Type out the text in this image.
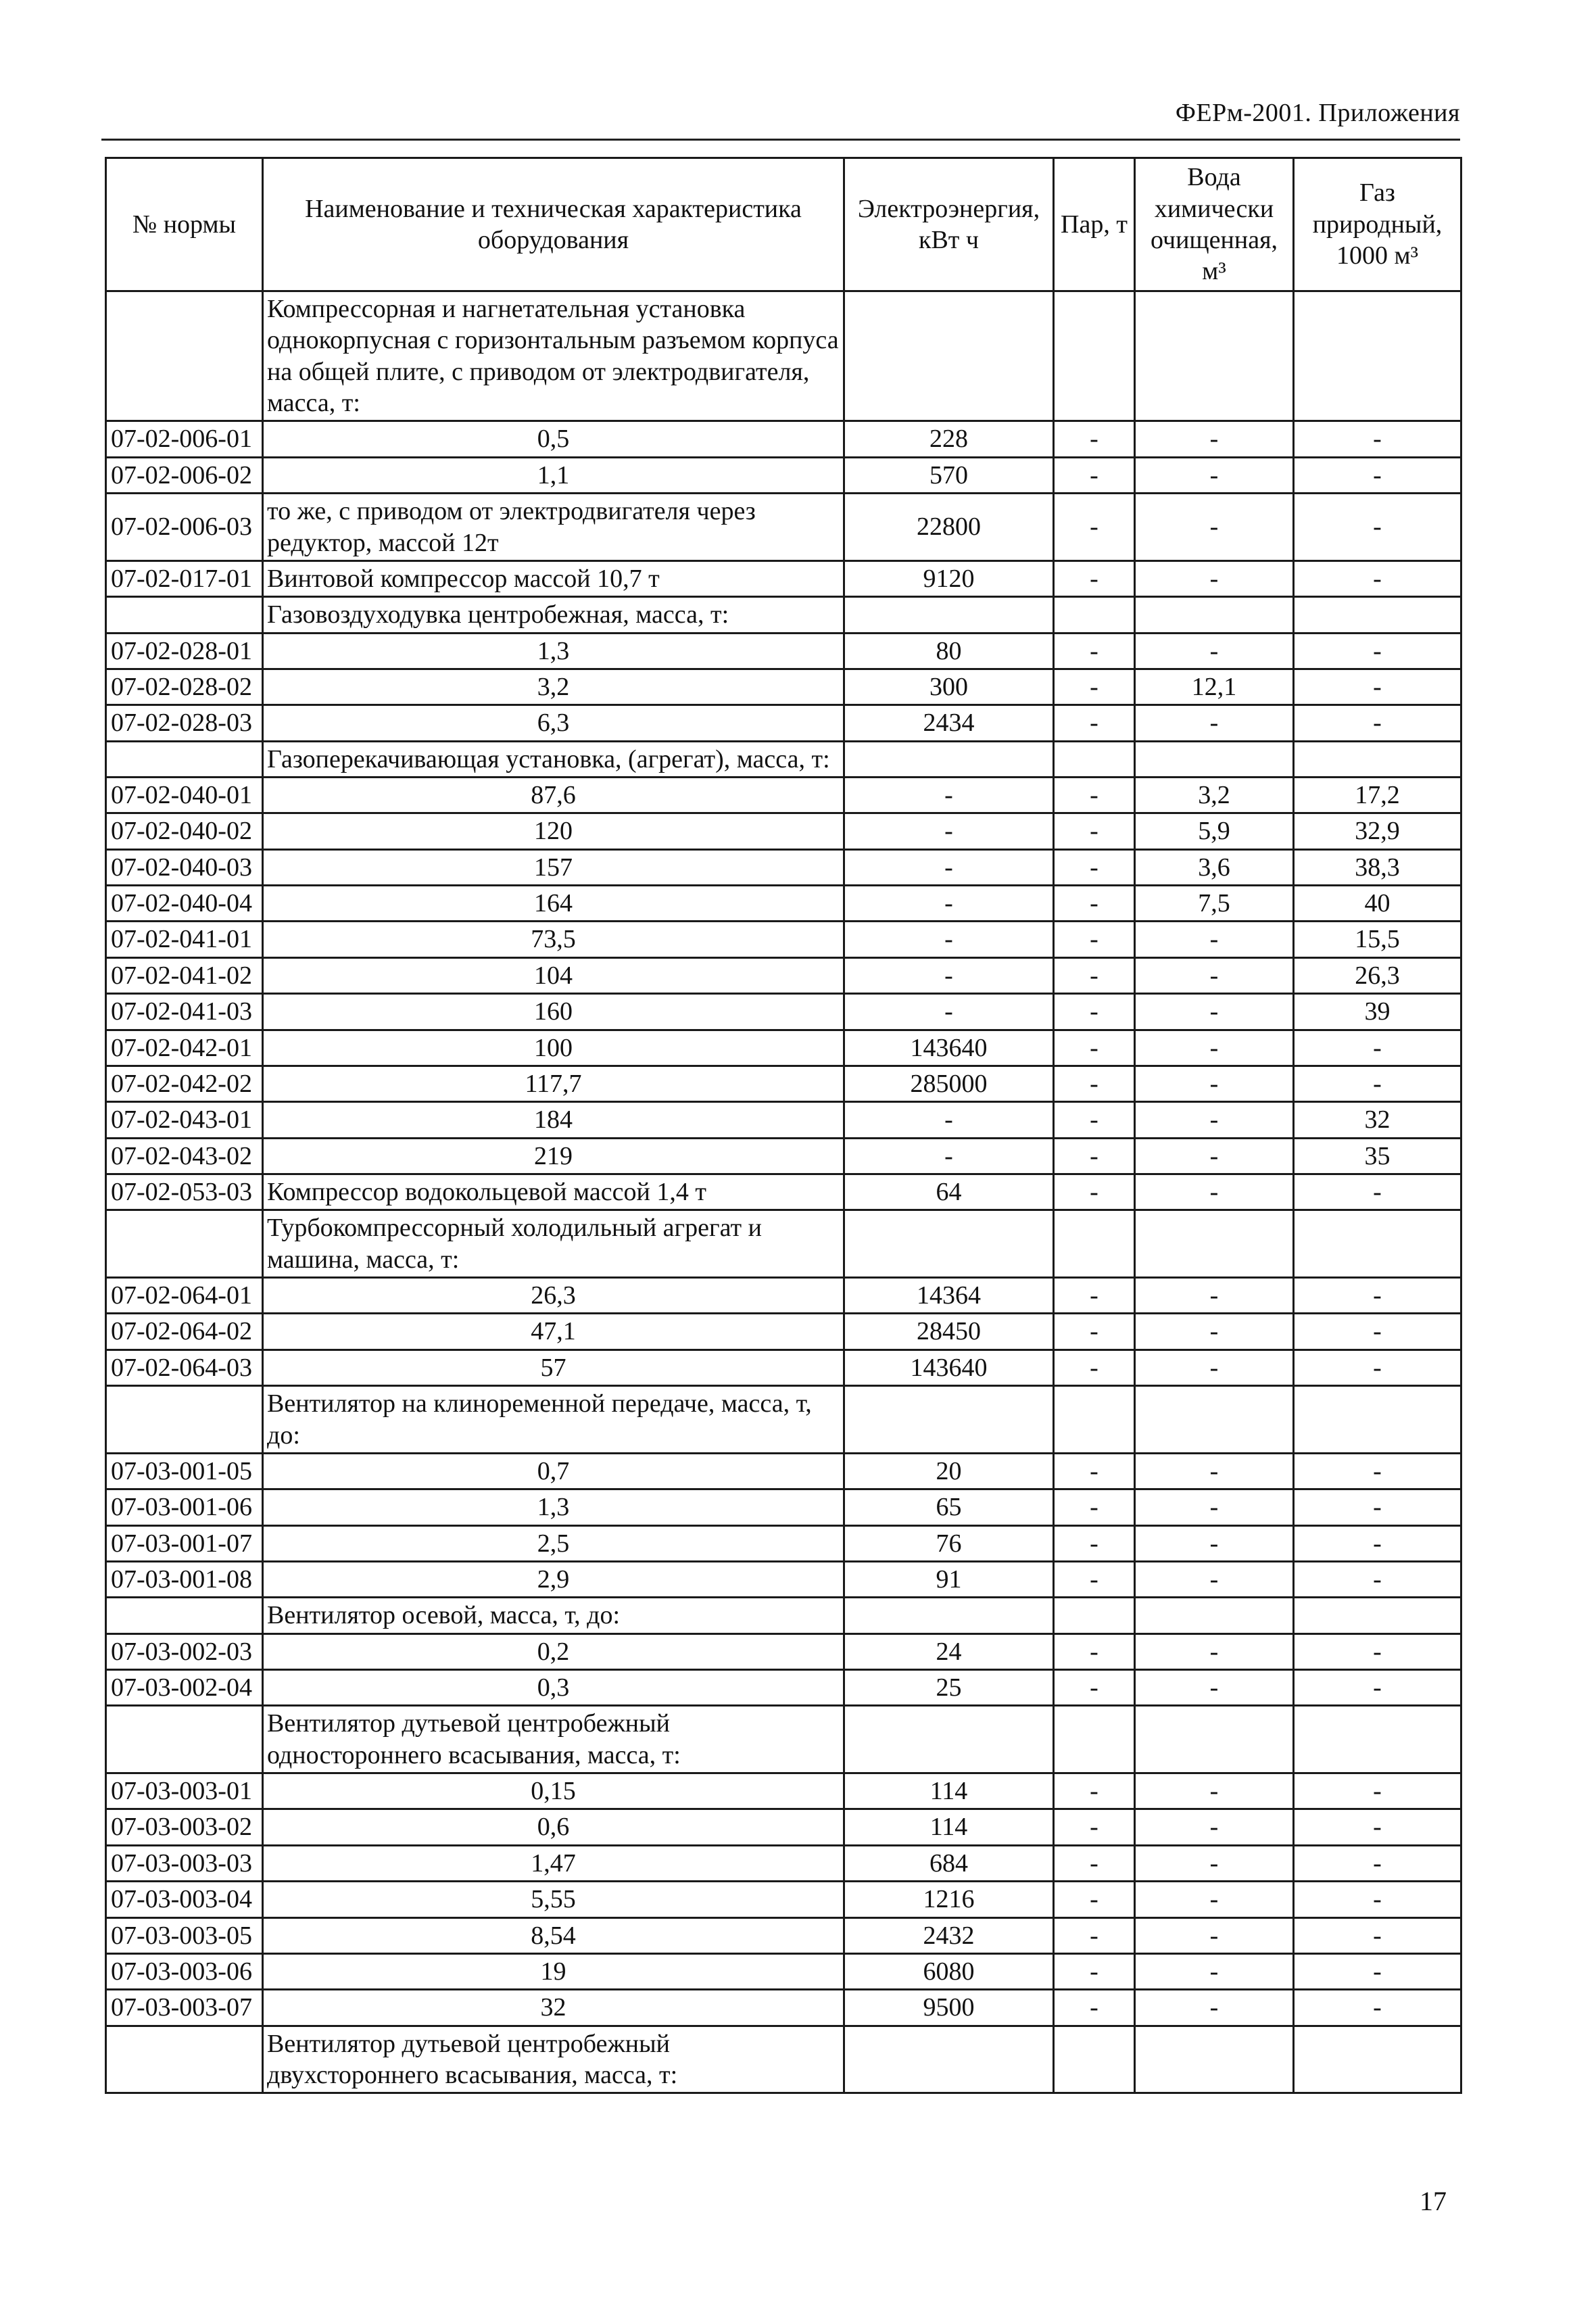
ФЕРм-2001. Приложения
№ нормы	Наименование и техническая характеристика оборудования	Электроэнергия, кВт ч	Пар, т	Вода химически очищенная, м³	Газ природный, 1000 м³
	Компрессорная и нагнетательная установка однокорпусная с горизонтальным разъемом корпуса на общей плите, с приводом от электродвигателя, масса, т:				
07-02-006-01	0,5	228	-	-	-
07-02-006-02	1,1	570	-	-	-
07-02-006-03	то же, с приводом от электродвигателя через редуктор, массой 12т	22800	-	-	-
07-02-017-01	Винтовой компрессор массой 10,7 т	9120	-	-	-
	Газовоздуходувка центробежная, масса, т:				
07-02-028-01	1,3	80	-	-	-
07-02-028-02	3,2	300	-	12,1	-
07-02-028-03	6,3	2434	-	-	-
	Газоперекачивающая установка, (агрегат), масса, т:				
07-02-040-01	87,6	-	-	3,2	17,2
07-02-040-02	120	-	-	5,9	32,9
07-02-040-03	157	-	-	3,6	38,3
07-02-040-04	164	-	-	7,5	40
07-02-041-01	73,5	-	-	-	15,5
07-02-041-02	104	-	-	-	26,3
07-02-041-03	160	-	-	-	39
07-02-042-01	100	143640	-	-	-
07-02-042-02	117,7	285000	-	-	-
07-02-043-01	184	-	-	-	32
07-02-043-02	219	-	-	-	35
07-02-053-03	Компрессор водокольцевой массой 1,4 т	64	-	-	-
	Турбокомпрессорный холодильный агрегат и машина, масса, т:				
07-02-064-01	26,3	14364	-	-	-
07-02-064-02	47,1	28450	-	-	-
07-02-064-03	57	143640	-	-	-
	Вентилятор на клиноременной передаче, масса, т, до:				
07-03-001-05	0,7	20	-	-	-
07-03-001-06	1,3	65	-	-	-
07-03-001-07	2,5	76	-	-	-
07-03-001-08	2,9	91	-	-	-
	Вентилятор осевой, масса, т, до:				
07-03-002-03	0,2	24	-	-	-
07-03-002-04	0,3	25	-	-	-
	Вентилятор дутьевой центробежный одностороннего всасывания, масса, т:				
07-03-003-01	0,15	114	-	-	-
07-03-003-02	0,6	114	-	-	-
07-03-003-03	1,47	684	-	-	-
07-03-003-04	5,55	1216	-	-	-
07-03-003-05	8,54	2432	-	-	-
07-03-003-06	19	6080	-	-	-
07-03-003-07	32	9500	-	-	-
	Вентилятор дутьевой центробежный двухстороннего всасывания, масса, т:				
17
